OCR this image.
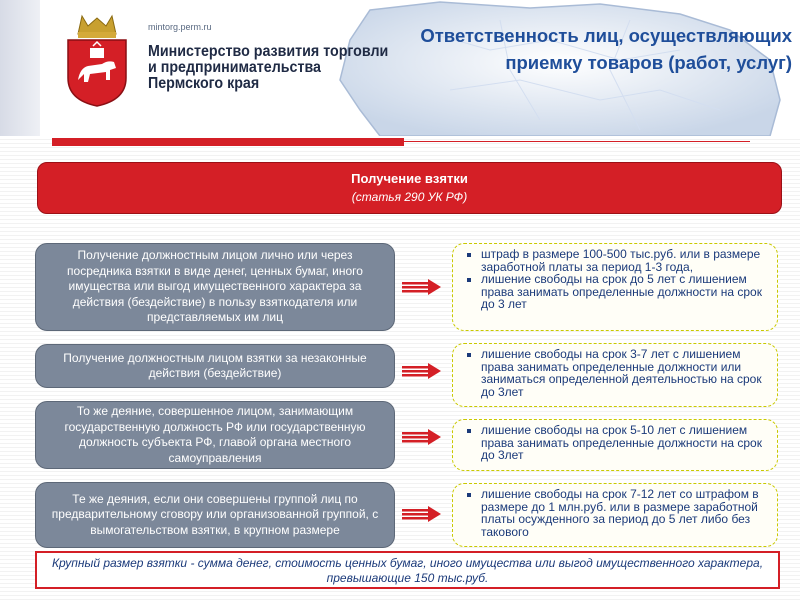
mintorg.perm.ru
Министерство развития торговли
и предпринимательства
Пермского края
Ответственность лиц, осуществляющих приемку товаров (работ, услуг)
Получение взятки
(статья 290 УК РФ)
Получение должностным лицом лично или через посредника взятки в виде денег, ценных бумаг, иного имущества или выгод имущественного характера за действия (бездействие) в пользу взяткодателя или представляемых им лиц
▪ штраф в размере 100-500 тыс.руб. или в размере заработной платы за период 1-3 года,
▪ лишение свободы на срок до 5 лет с лишением права занимать определенные должности на срок до 3 лет
Получение должностным лицом взятки за незаконные действия (бездействие)
▪ лишение свободы на срок 3-7 лет с лишением права занимать определенные должности или заниматься определенной деятельностью на срок до 3лет
То же деяние, совершенное лицом, занимающим государственную должность РФ или государственную должность субъекта РФ, главой органа местного самоуправления
▪ лишение свободы на срок 5-10 лет с лишением права занимать определенные должности на срок до 3лет
Те же деяния, если они совершены группой лиц по предварительному сговору или организованной группой, с вымогательством взятки, в крупном размере
▪ лишение свободы на срок 7-12 лет со штрафом в размере до 1 млн.руб. или в размере заработной платы осужденного за период до 5 лет либо без такового
Крупный размер взятки - сумма денег, стоимость ценных бумаг, иного имущества или выгод имущественного характера, превышающие 150 тыс.руб.
